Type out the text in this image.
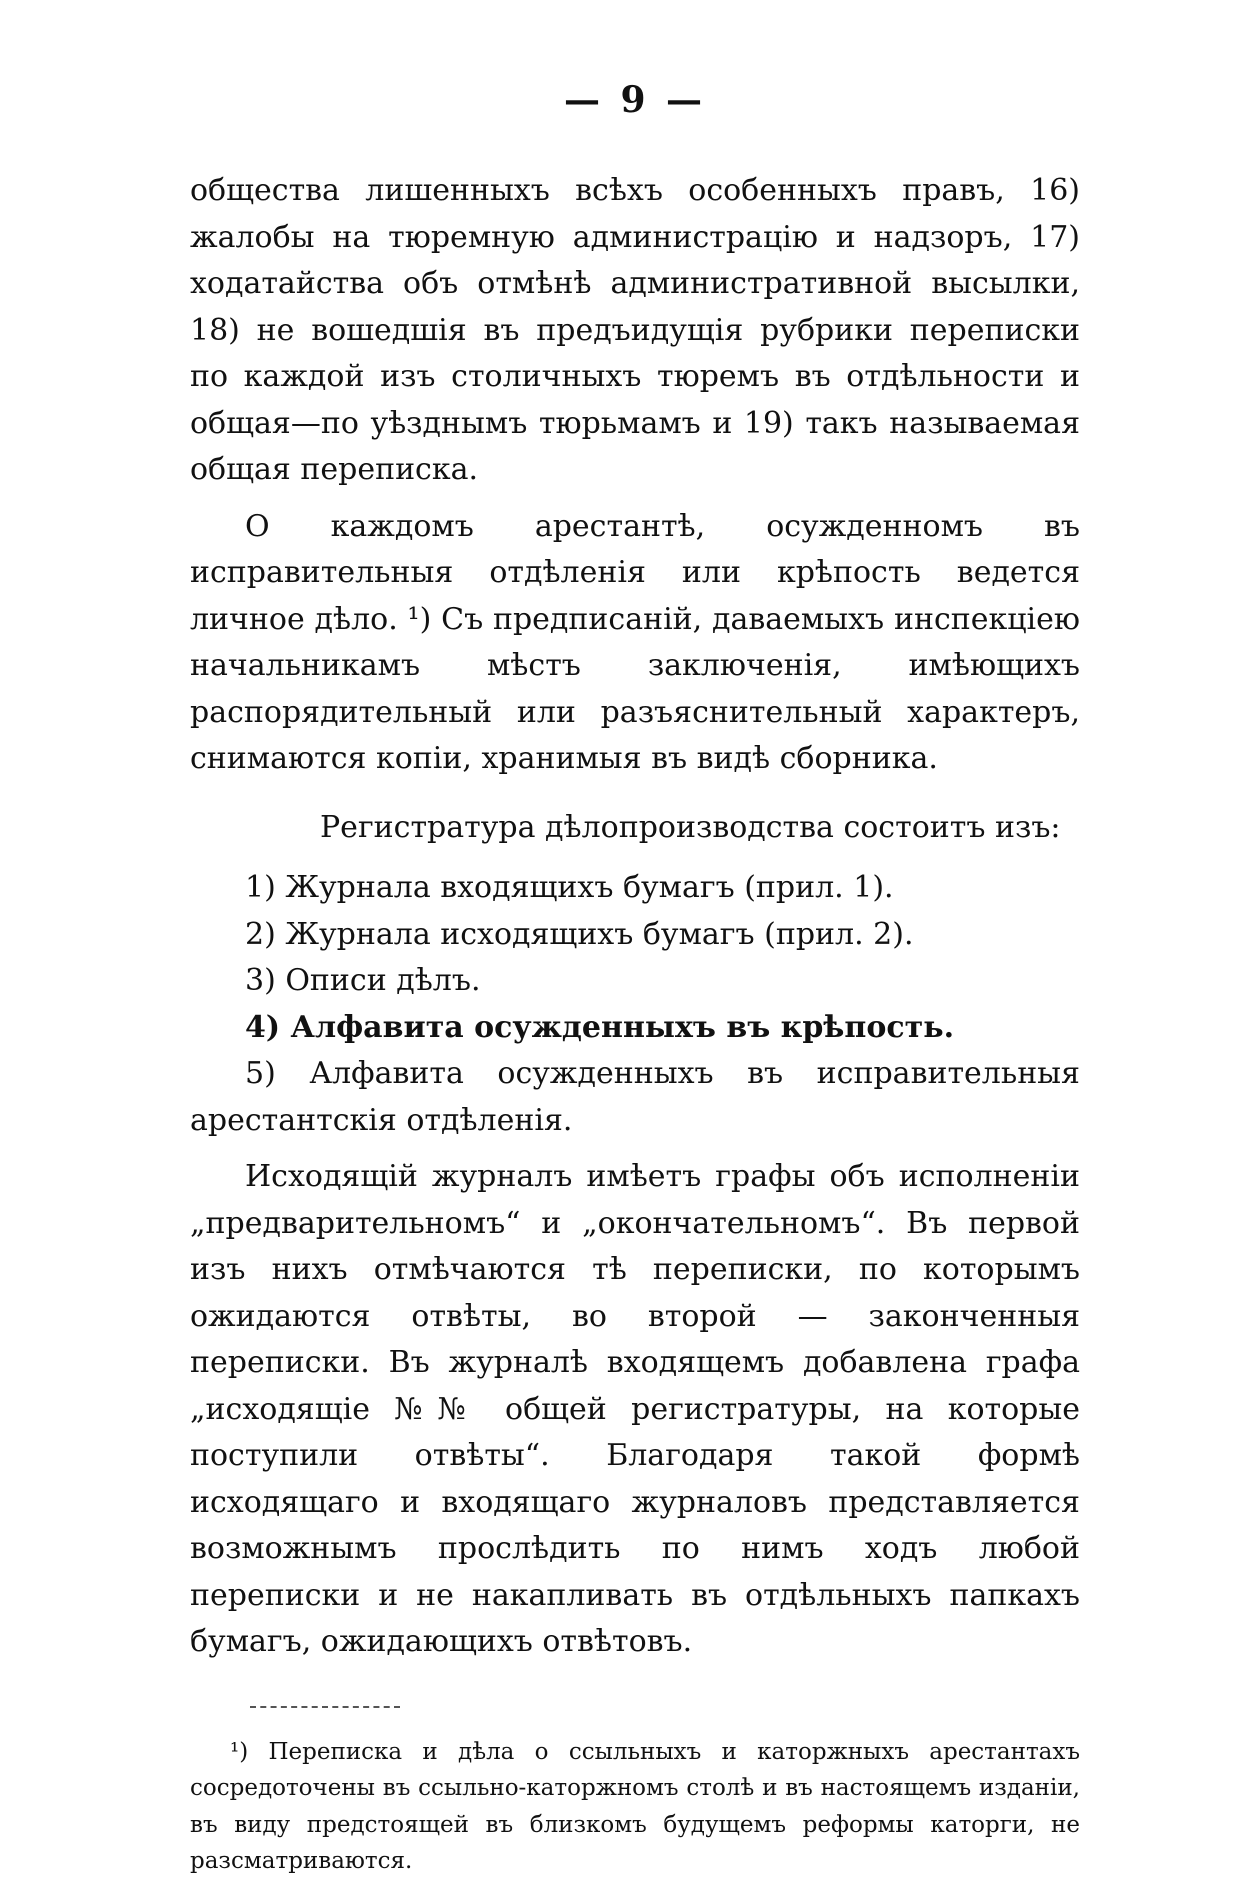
— 9 —

общества лишенныхъ всѣхъ особенныхъ правъ, 16) жалобы на тюремную администрацію и надзоръ, 17) ходатайства объ отмѣнѣ административной высылки, 18) не вошедшія въ предъидущія рубрики переписки по каждой изъ столичныхъ тюремъ въ отдѣльности и общая—по уѣзднымъ тюрьмамъ и 19) такъ называемая общая переписка.

О каждомъ арестантѣ, осужденномъ въ исправительныя отдѣленія или крѣпость ведется личное дѣло. ¹) Съ предписаній, даваемыхъ инспекціею начальникамъ мѣстъ заключенія, имѣющихъ распорядительный или разъяснительный характеръ, снимаются копіи, хранимыя въ видѣ сборника.

Регистратура дѣлопроизводства состоитъ изъ:
1) Журнала входящихъ бумагъ (прил. 1).
2) Журнала исходящихъ бумагъ (прил. 2).
3) Описи дѣлъ.
4) Алфавита осужденныхъ въ крѣпость.
5) Алфавита осужденныхъ въ исправительныя арестантскія отдѣленія.

Исходящій журналъ имѣетъ графы объ исполненіи „предварительномъ“ и „окончательномъ“. Въ первой изъ нихъ отмѣчаются тѣ переписки, по которымъ ожидаются отвѣты, во второй — законченныя переписки. Въ журналѣ входящемъ добавлена графа „исходящіе №№ общей регистратуры, на которые поступили отвѣты“. Благодаря такой формѣ исходящаго и входящаго журналовъ представляется возможнымъ прослѣдить по нимъ ходъ любой переписки и не накапливать въ отдѣльныхъ папкахъ бумагъ, ожидающихъ отвѣтовъ.

¹) Переписка и дѣла о ссыльныхъ и каторжныхъ арестантахъ сосредоточены въ ссыльно-каторжномъ столѣ и въ настоящемъ изданіи, въ виду предстоящей въ близкомъ будущемъ реформы каторги, не разсматриваются.
